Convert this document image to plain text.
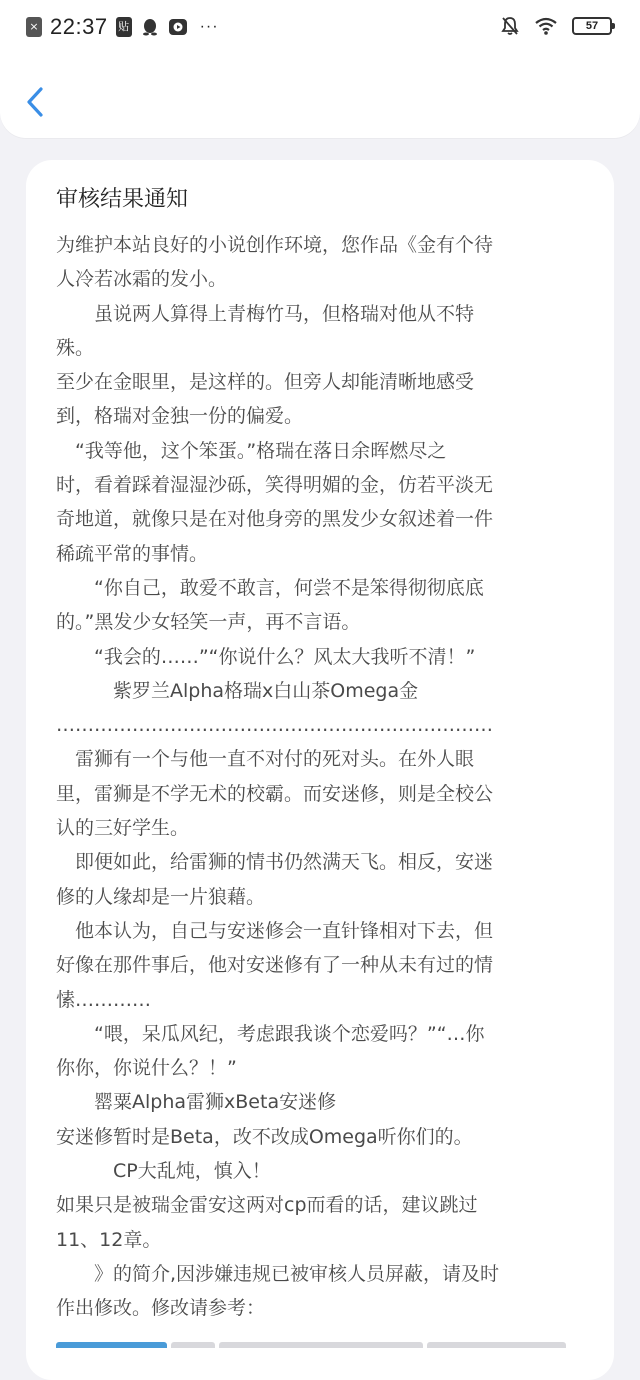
× 22:37 贴	···	57
审核结果通知
为维护本站良好的小说创作环境，您作品《金有个待
人冷若冰霜的发小。
　　虽说两人算得上青梅竹马，但格瑞对他从不特
殊。
至少在金眼里，是这样的。但旁人却能清晰地感受
到，格瑞对金独一份的偏爱。
　“我等他，这个笨蛋。”格瑞在落日余晖燃尽之
时，看着踩着湿湿沙砾，笑得明媚的金，仿若平淡无
奇地道，就像只是在对他身旁的黑发少女叙述着一件
稀疏平常的事情。
　　“你自己，敢爱不敢言，何尝不是笨得彻彻底底
的。”黑发少女轻笑一声，再不言语。
　　“我会的……”“你说什么？风太大我听不清！”
　　　紫罗兰Alpha格瑞x白山茶Omega金
……………………………………………………………
　雷狮有一个与他一直不对付的死对头。在外人眼
里，雷狮是不学无术的校霸。而安迷修，则是全校公
认的三好学生。
　即便如此，给雷狮的情书仍然满天飞。相反，安迷
修的人缘却是一片狼藉。
　他本认为，自己与安迷修会一直针锋相对下去，但
好像在那件事后，他对安迷修有了一种从未有过的情
愫…………
　　“喂，呆瓜风纪，考虑跟我谈个恋爱吗？”“…你
你你，你说什么？！”
　　罂粟Alpha雷狮xBeta安迷修
安迷修暂时是Beta，改不改成Omega听你们的。
　　　CP大乱炖，慎入！
如果只是被瑞金雷安这两对cp而看的话，建议跳过
11、12章。
　　》的简介,因涉嫌违规已被审核人员屏蔽，请及时
作出修改。修改请参考：
